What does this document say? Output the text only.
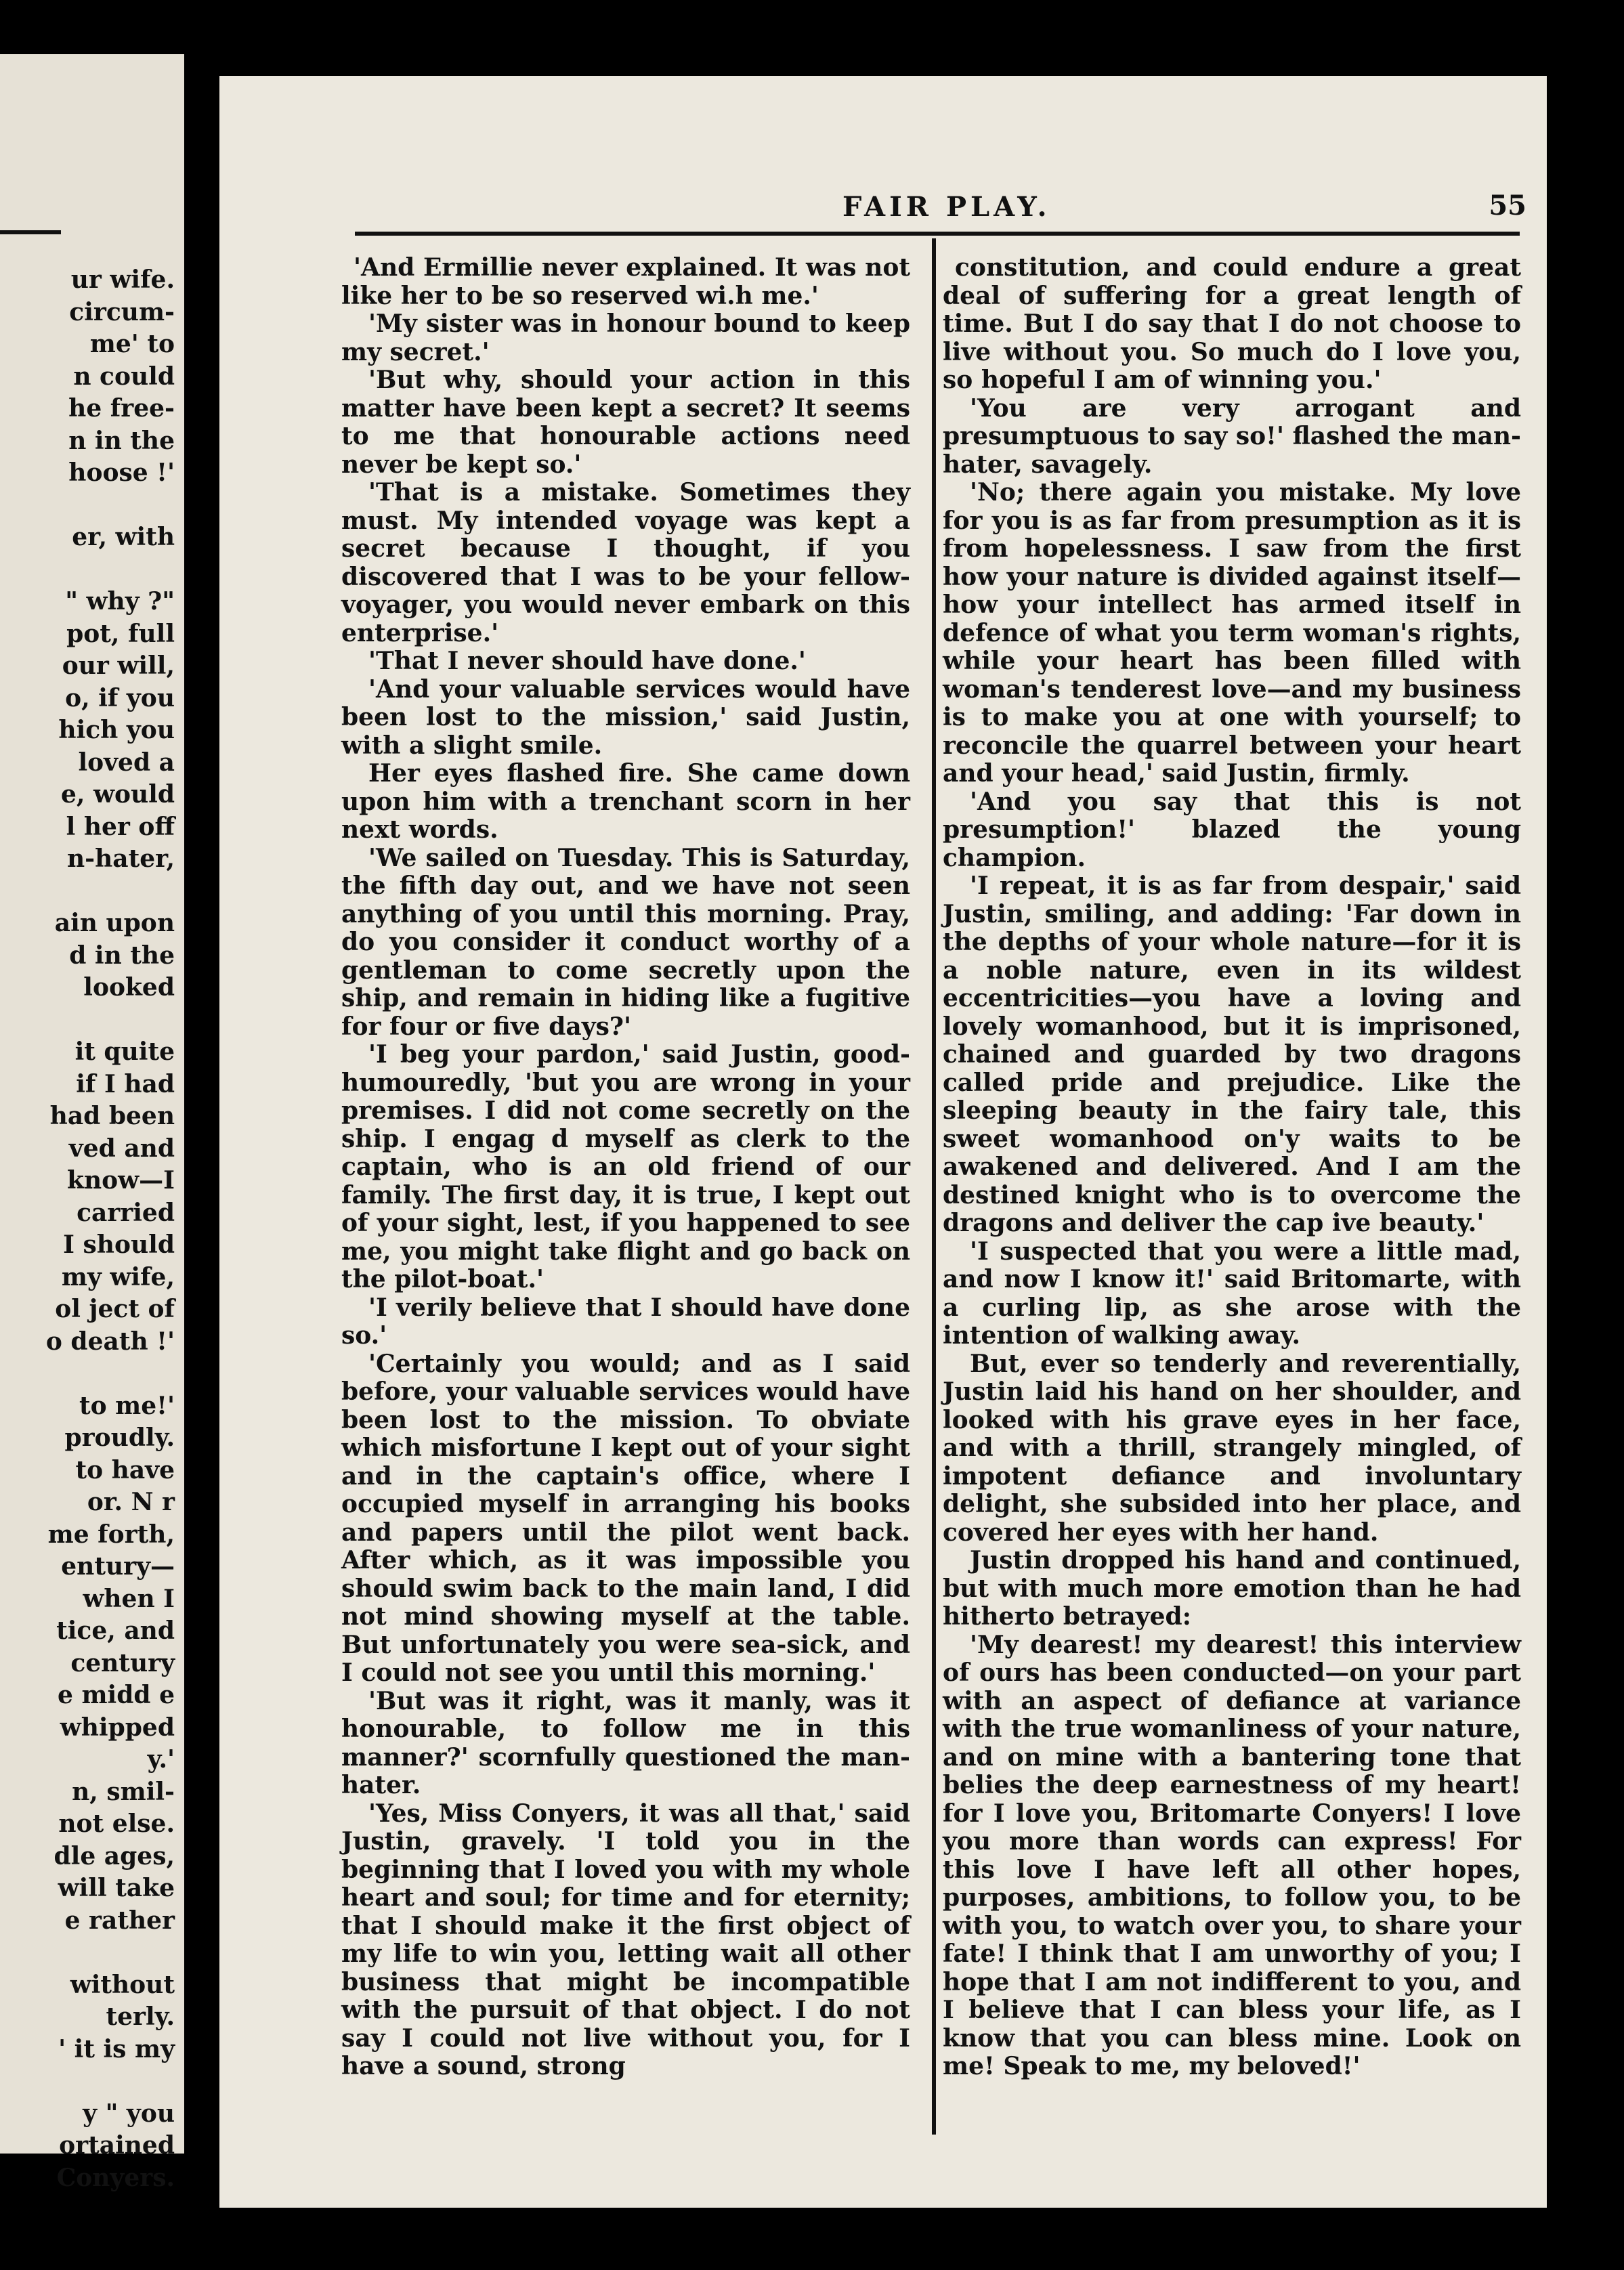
ur wife.
circum-
me' to
n could
he free-
n in the
hoose !'

er, with

" why ?"
pot, full
our will,
o, if you
hich you
loved a
e, would
l her off
n-hater,

ain upon
d in the
looked

it quite
if I had
had been
ved and
know—I
carried
I should
my wife,
ol ject of
o death !'

to me!'
proudly.
to have
or. N r
me forth,
entury—
when I
tice, and
century
e midd e
whipped
y.'
n, smil-
not else.
dle ages,
will take
e rather

without
terly.
' it is my

y " you
ortained
Conyers.
FAIR PLAY.	55

'And Ermillie never explained. It was not like her to be so reserved wi.h me.'

'My sister was in honour bound to keep my secret.'

'But why, should your action in this matter have been kept a secret? It seems to me that honourable actions need never be kept so.'

'That is a mistake. Sometimes they must. My intended voyage was kept a secret because I thought, if you discovered that I was to be your fellow-voyager, you would never embark on this enterprise.'

'That I never should have done.'

'And your valuable services would have been lost to the mission,' said Justin, with a slight smile.

Her eyes flashed fire. She came down upon him with a trenchant scorn in her next words.

'We sailed on Tuesday. This is Saturday, the fifth day out, and we have not seen anything of you until this morning. Pray, do you consider it conduct worthy of a gentleman to come secretly upon the ship, and remain in hiding like a fugitive for four or five days?'

'I beg your pardon,' said Justin, good-humouredly, 'but you are wrong in your premises. I did not come secretly on the ship. I engag d myself as clerk to the captain, who is an old friend of our family. The first day, it is true, I kept out of your sight, lest, if you happened to see me, you might take flight and go back on the pilot-boat.'

'I verily believe that I should have done so.'

'Certainly you would; and as I said before, your valuable services would have been lost to the mission. To obviate which misfortune I kept out of your sight and in the captain's office, where I occupied myself in arranging his books and papers until the pilot went back. After which, as it was impossible you should swim back to the main land, I did not mind showing myself at the table. But unfortunately you were sea-sick, and I could not see you until this morning.'

'But was it right, was it manly, was it honourable, to follow me in this manner?' scornfully questioned the man-hater.

'Yes, Miss Conyers, it was all that,' said Justin, gravely. 'I told you in the beginning that I loved you with my whole heart and soul; for time and for eternity; that I should make it the first object of my life to win you, letting wait all other business that might be incompatible with the pursuit of that object. I do not say I could not live without you, for I have a sound, strong

constitution, and could endure a great deal of suffering for a great length of time. But I do say that I do not choose to live without you. So much do I love you, so hopeful I am of winning you.'

'You are very arrogant and presumptuous to say so!' flashed the man-hater, savagely.

'No; there again you mistake. My love for you is as far from presumption as it is from hopelessness. I saw from the first how your nature is divided against itself—how your intellect has armed itself in defence of what you term woman's rights, while your heart has been filled with woman's tenderest love—and my business is to make you at one with yourself; to reconcile the quarrel between your heart and your head,' said Justin, firmly.

'And you say that this is not presumption!' blazed the young champion.

'I repeat, it is as far from despair,' said Justin, smiling, and adding: 'Far down in the depths of your whole nature—for it is a noble nature, even in its wildest eccentricities—you have a loving and lovely womanhood, but it is imprisoned, chained and guarded by two dragons called pride and prejudice. Like the sleeping beauty in the fairy tale, this sweet womanhood on'y waits to be awakened and delivered. And I am the destined knight who is to overcome the dragons and deliver the cap ive beauty.'

'I suspected that you were a little mad, and now I know it!' said Britomarte, with a curling lip, as she arose with the intention of walking away.

But, ever so tenderly and reverentially, Justin laid his hand on her shoulder, and looked with his grave eyes in her face, and with a thrill, strangely mingled, of impotent defiance and involuntary delight, she subsided into her place, and covered her eyes with her hand.

Justin dropped his hand and continued, but with much more emotion than he had hitherto betrayed:

'My dearest! my dearest! this interview of ours has been conducted—on your part with an aspect of defiance at variance with the true womanliness of your nature, and on mine with a bantering tone that belies the deep earnestness of my heart! for I love you, Britomarte Conyers! I love you more than words can express! For this love I have left all other hopes, purposes, ambitions, to follow you, to be with you, to watch over you, to share your fate! I think that I am unworthy of you; I hope that I am not indifferent to you, and I believe that I can bless your life, as I know that you can bless mine. Look on me! Speak to me, my beloved!'
